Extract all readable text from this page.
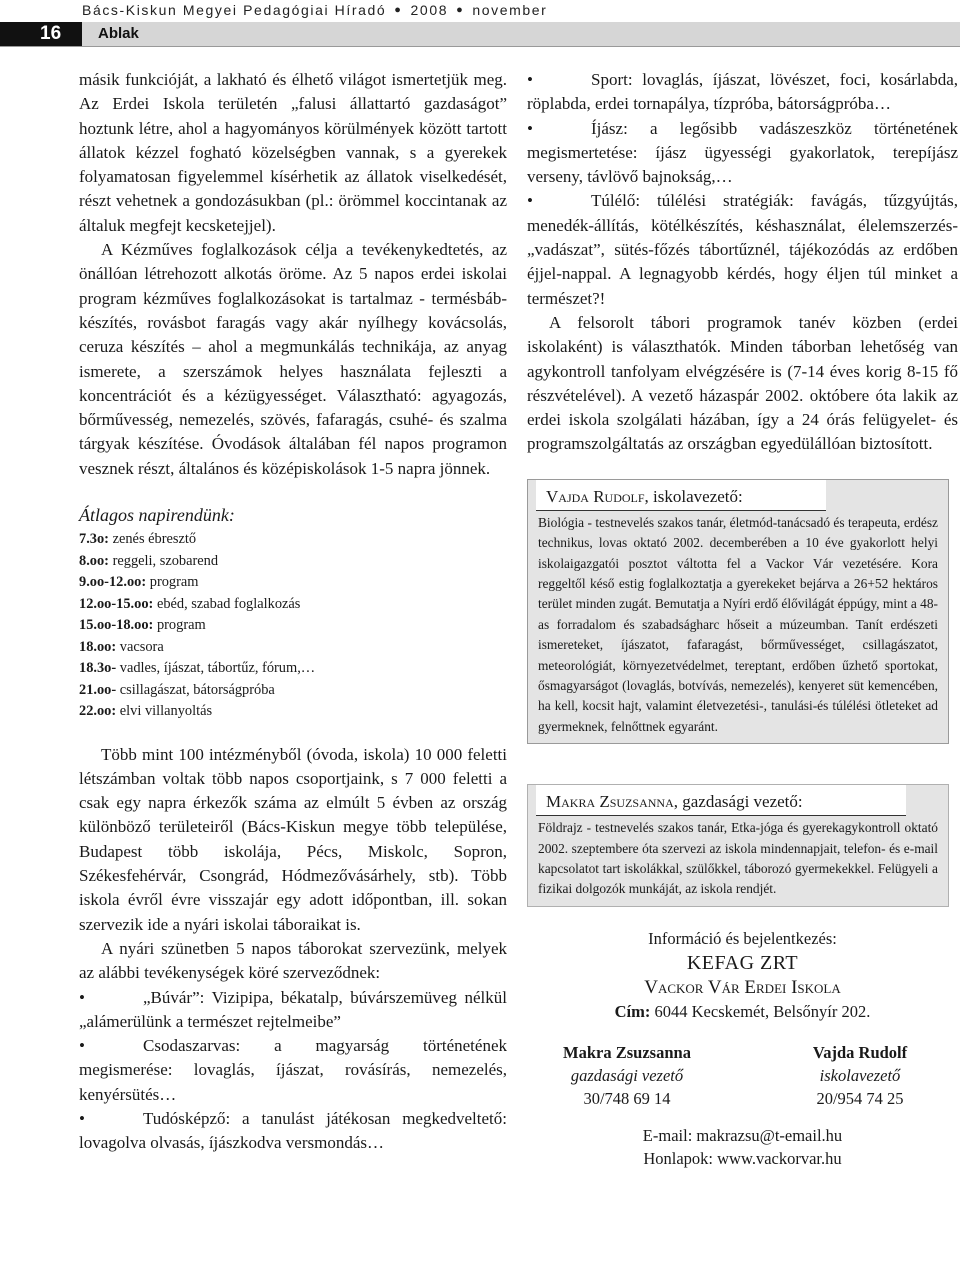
Bács-Kiskun Megyei Pedagógiai Híradó ● 2008 ● november
16	Ablak

másik funkcióját, a lakható és élhető világot ismertetjük meg. Az Erdei Iskola területén „falusi állattartó gazdaságot” hoztunk létre, ahol a hagyományos körülmények között tartott állatok kézzel fogható közelségben vannak, s a gyerekek folyamatosan figyelemmel kísérhetik az állatok viselkedését, részt vehetnek a gondozásukban (pl.: örömmel koccintanak az általuk megfejt kecsketejjel).

A Kézműves foglalkozások célja a tevékenykedtetés, az önállóan létrehozott alkotás öröme. Az 5 napos erdei iskolai program kézműves foglalkozásokat is tartalmaz - termésbáb-készítés, rovásbot faragás vagy akár nyílhegy kovácsolás, ceruza készítés – ahol a megmunkálás technikája, az anyag ismerete, a szerszámok helyes használata fejleszti a koncentrációt és a kézügyességet. Választható: agyagozás, bőrművesség, nemezelés, szövés, fafaragás, csuhé- és szalma tárgyak készítése. Óvodások általában fél napos programon vesznek részt, általános és középiskolások 1-5 napra jönnek.

Átlagos napirendünk:
7.3o: zenés ébresztő
8.oo: reggeli, szobarend
9.oo-12.oo: program
12.oo-15.oo: ebéd, szabad foglalkozás
15.oo-18.oo: program
18.oo: vacsora
18.3o- vadles, íjászat, tábortűz, fórum,…
21.oo- csillagászat, bátorságpróba
22.oo: elvi villanyoltás

Több mint 100 intézményből (óvoda, iskola) 10 000 feletti létszámban voltak több napos csoportjaink, s 7 000 feletti a csak egy napra érkezők száma az elmúlt 5 évben az ország különböző területeiről (Bács-Kiskun megye több települése, Budapest több iskolája, Pécs, Miskolc, Sopron, Székesfehérvár, Csongrád, Hódmezővásárhely, stb). Több iskola évről évre visszajár egy adott időpontban, ill. sokan szervezik ide a nyári iskolai táboraikat is.

A nyári szünetben 5 napos táborokat szervezünk, melyek az alábbi tevékenységek köré szerveződnek:

•	„Búvár”: Vizipipa, békatalp, búvárszemüveg nélkül „alámerülünk a természet rejtelmeibe”

•	Csodaszarvas: a magyarság történetének megismerése: lovaglás, íjászat, rovásírás, nemezelés, kenyérsütés…

•	Tudósképző: a tanulást játékosan megkedveltető: lovagolva olvasás, íjászkodva versmondás…

•	Sport: lovaglás, íjászat, lövészet, foci, kosárlabda, röplabda, erdei tornapálya, tízpróba, bátorságpróba…

•	Íjász: a legősibb vadászeszköz történetének megismertetése: íjász ügyességi gyakorlatok, terepíjász verseny, távlövő bajnokság,…

•	Túlélő: túlélési stratégiák: favágás, tűzgyújtás, menedék-állítás, kötélkészítés, késhasználat, élelemszerzés- „vadászat”, sütés-főzés tábortűznél, tájékozódás az erdőben éjjel-nappal. A legnagyobb kérdés, hogy éljen túl minket a természet?!

A felsorolt tábori programok tanév közben (erdei iskolaként) is választhatók. Minden táborban lehetőség van agykontroll tanfolyam elvégzésére is (7-14 éves korig 8-15 fő részvételével). A vezető házaspár 2002. októbere óta lakik az erdei iskola szolgálati házában, így a 24 órás felügyelet- és programszolgáltatás az országban egyedülállóan biztosított.

Vajda Rudolf, iskolavezető:
Biológia - testnevelés szakos tanár, életmód-tanácsadó és terapeuta, erdész technikus, lovas oktató 2002. decemberében a 10 éve gyakorlott helyi iskolaigazgatói posztot váltotta fel a Vackor Vár vezetésére. Kora reggeltől késő estig foglalkoztatja a gyerekeket bejárva a 26+52 hektáros terület minden zugát. Bemutatja a Nyíri erdő élővilágát éppúgy, mint a 48-as forradalom és szabadságharc hőseit a múzeumban. Tanít erdészeti ismereteket, íjászatot, fafaragást, bőrművességet, csillagászatot, meteorológiát, környezetvédelmet, tereptant, erdőben űzhető sportokat, ősmagyarságot (lovaglás, botvívás, nemezelés), kenyeret süt kemencében, ha kell, kocsit hajt, valamint életvezetési-, tanulási-és túlélési ötleteket ad gyermeknek, felnőttnek egyaránt.
Makra Zsuzsanna, gazdasági vezető:
Földrajz - testnevelés szakos tanár, Etka-jóga és gyerekagykontroll oktató 2002. szeptembere óta szervezi az iskola mindennapjait, telefon- és e-mail kapcsolatot tart iskolákkal, szülőkkel, táborozó gyermekekkel. Felügyeli a fizikai dolgozók munkáját, az iskola rendjét.
Információ és bejelentkezés:
KEFAG ZRT
Vackor Vár Erdei Iskola
Cím: 6044 Kecskemét, Belsőnyír 202.
Makra Zsuzsanna
gazdasági vezető
30/748 69 14
Vajda Rudolf
iskolavezető
20/954 74 25
E-mail: makrazsu@t-email.hu
Honlapok: www.vackorvar.hu
